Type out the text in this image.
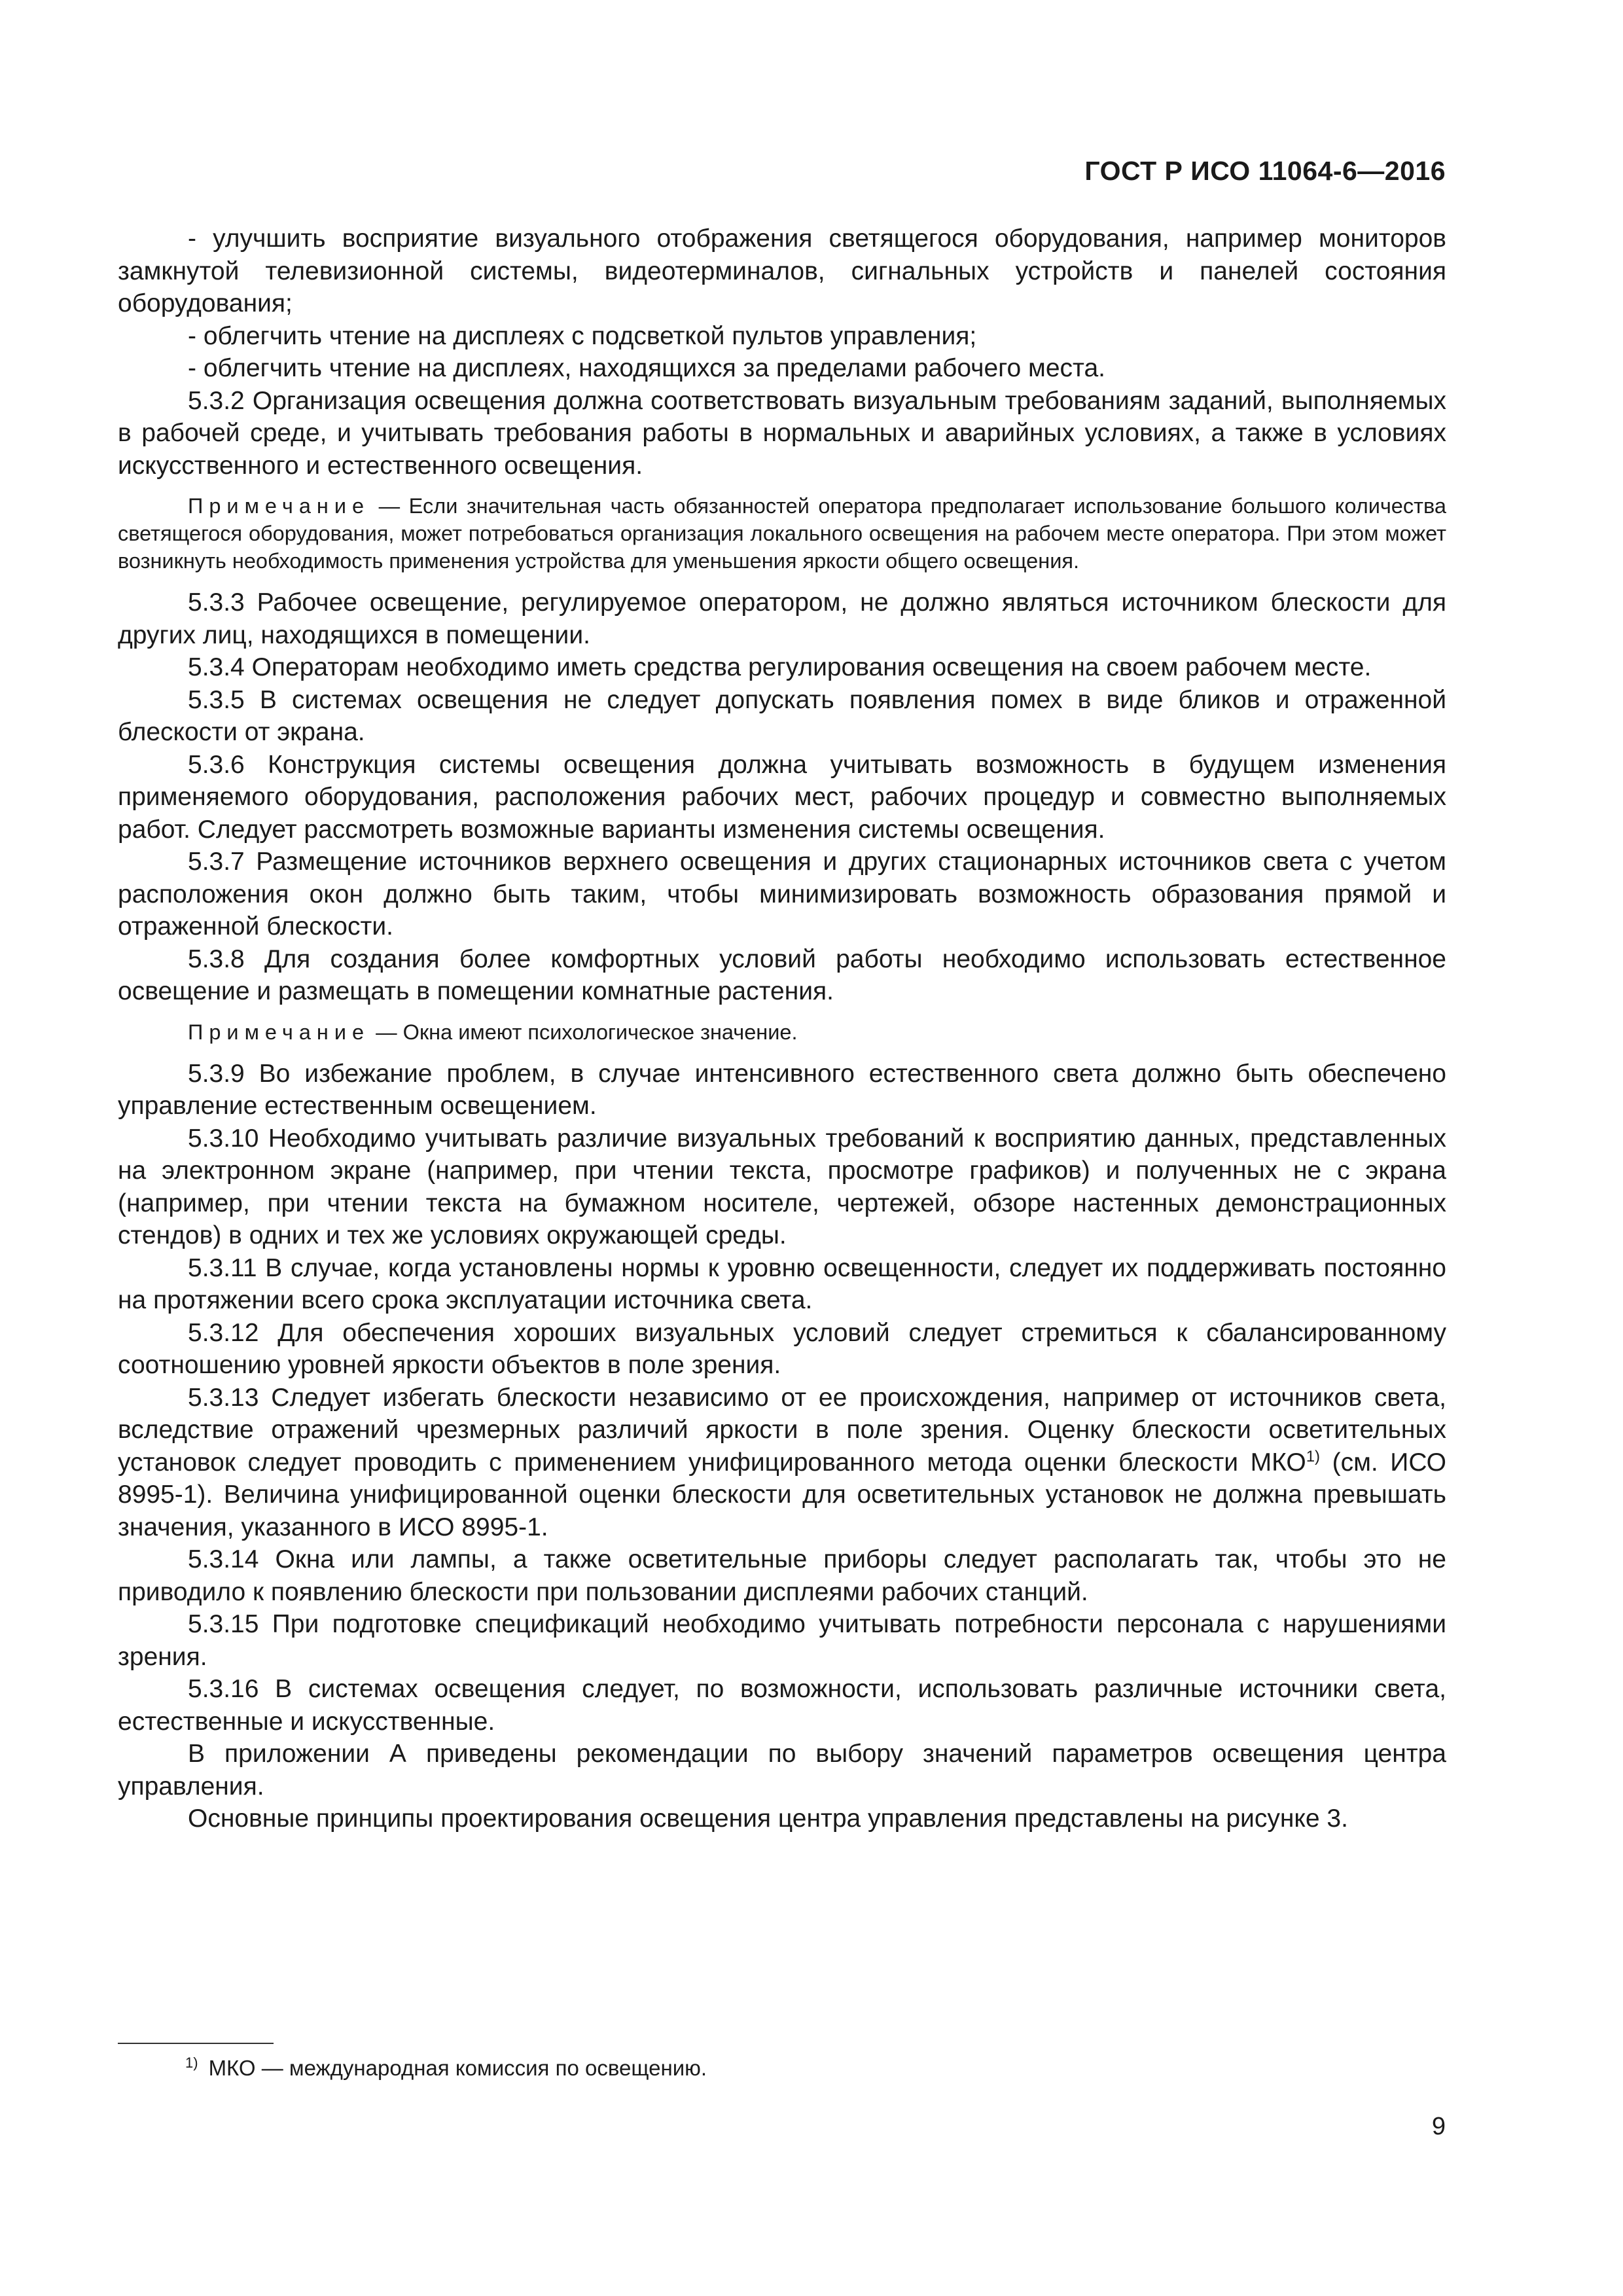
ГОСТ Р ИСО 11064-6—2016

- улучшить восприятие визуального отображения светящегося оборудования, например мониторов замкнутой телевизионной системы, видеотерминалов, сигнальных устройств и панелей состояния оборудования;

- облегчить чтение на дисплеях с подсветкой пультов управления;

- облегчить чтение на дисплеях, находящихся за пределами рабочего места.

5.3.2 Организация освещения должна соответствовать визуальным требованиям заданий, выполняемых в рабочей среде, и учитывать требования работы в нормальных и аварийных условиях, а также в условиях искусственного и естественного освещения.

Примечание — Если значительная часть обязанностей оператора предполагает использование большого количества светящегося оборудования, может потребоваться организация локального освещения на рабочем месте оператора. При этом может возникнуть необходимость применения устройства для уменьшения яркости общего освещения.

5.3.3 Рабочее освещение, регулируемое оператором, не должно являться источником блескости для других лиц, находящихся в помещении.

5.3.4 Операторам необходимо иметь средства регулирования освещения на своем рабочем месте.

5.3.5 В системах освещения не следует допускать появления помех в виде бликов и отраженной блескости от экрана.

5.3.6 Конструкция системы освещения должна учитывать возможность в будущем изменения применяемого оборудования, расположения рабочих мест, рабочих процедур и совместно выполняемых работ. Следует рассмотреть возможные варианты изменения системы освещения.

5.3.7 Размещение источников верхнего освещения и других стационарных источников света с учетом расположения окон должно быть таким, чтобы минимизировать возможность образования прямой и отраженной блескости.

5.3.8 Для создания более комфортных условий работы необходимо использовать естественное освещение и размещать в помещении комнатные растения.

Примечание — Окна имеют психологическое значение.

5.3.9 Во избежание проблем, в случае интенсивного естественного света должно быть обеспечено управление естественным освещением.

5.3.10 Необходимо учитывать различие визуальных требований к восприятию данных, представленных на электронном экране (например, при чтении текста, просмотре графиков) и полученных не с экрана (например, при чтении текста на бумажном носителе, чертежей, обзоре настенных демонстрационных стендов) в одних и тех же условиях окружающей среды.

5.3.11 В случае, когда установлены нормы к уровню освещенности, следует их поддерживать постоянно на протяжении всего срока эксплуатации источника света.

5.3.12 Для обеспечения хороших визуальных условий следует стремиться к сбалансированному соотношению уровней яркости объектов в поле зрения.

5.3.13 Следует избегать блескости независимо от ее происхождения, например от источников света, вследствие отражений чрезмерных различий яркости в поле зрения. Оценку блескости осветительных установок следует проводить с применением унифицированного метода оценки блескости МКО$^{1)}$ (см. ИСО 8995-1). Величина унифицированной оценки блескости для осветительных установок не должна превышать значения, указанного в ИСО 8995-1.

5.3.14 Окна или лампы, а также осветительные приборы следует располагать так, чтобы это не приводило к появлению блескости при пользовании дисплеями рабочих станций.

5.3.15 При подготовке спецификаций необходимо учитывать потребности персонала с нарушениями зрения.

5.3.16 В системах освещения следует, по возможности, использовать различные источники света, естественные и искусственные.

В приложении А приведены рекомендации по выбору значений параметров освещения центра управления.

Основные принципы проектирования освещения центра управления представлены на рисунке 3.

$^{1)}$ МКО — международная комиссия по освещению.
9
